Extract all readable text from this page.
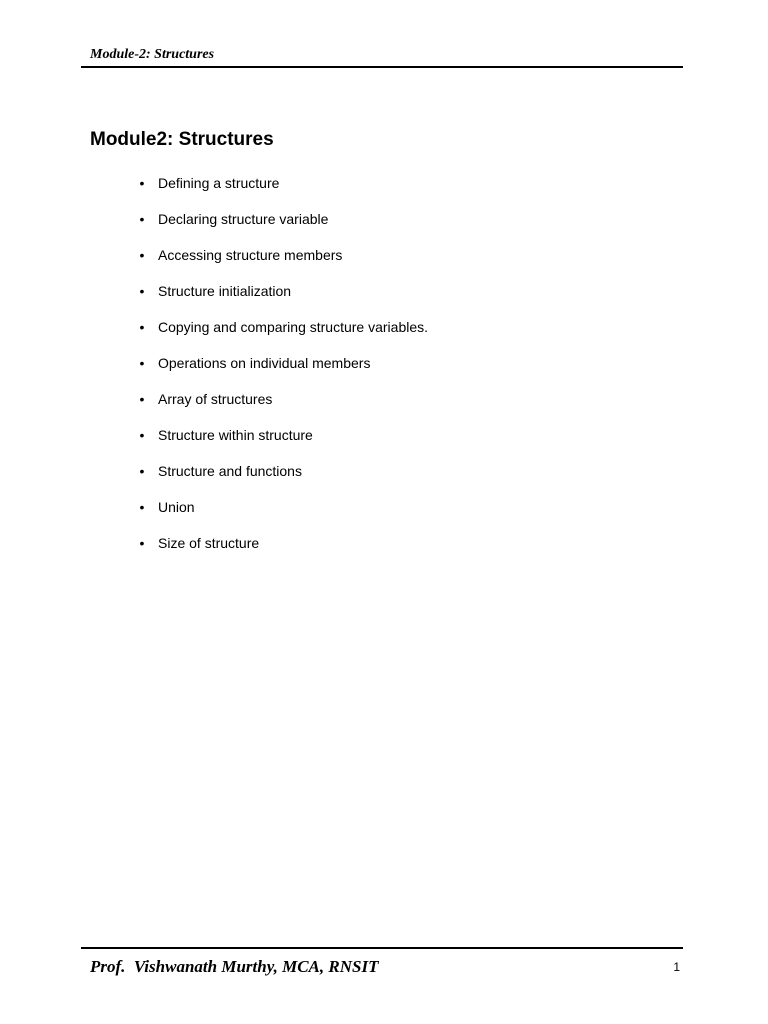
Module-2: Structures
Module2: Structures
• Defining a structure
• Declaring structure variable
• Accessing structure members
• Structure initialization
• Copying and comparing structure variables.
• Operations on individual members
• Array of structures
• Structure within structure
• Structure and functions
• Union
• Size of structure
Prof.  Vishwanath Murthy, MCA, RNSIT	1
